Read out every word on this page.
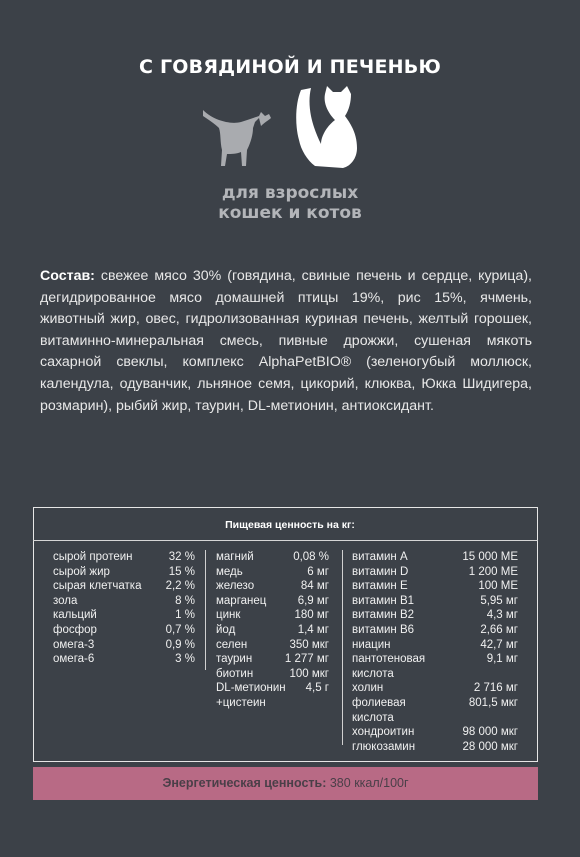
С ГОВЯДИНОЙ И ПЕЧЕНЬЮ
для взрослых
кошек и котов
Состав: свежее мясо 30% (говядина, свиные печень и сердце, курица), дегидрированное мясо домашней птицы 19%, рис 15%, ячмень, животный жир, овес, гидролизованная куриная печень, желтый горошек, витаминно-минеральная смесь, пивные дрожжи, сушеная мякоть сахарной свеклы, комплекс AlphaPetBIO® (зеленогубый моллюск, календула, одуванчик, льняное семя, цикорий, клюква, Юкка Шидигера, розмарин), рыбий жир, таурин, DL-метионин, антиоксидант.
Пищевая ценность на кг:
сырой протеин	32 %
сырой жир	15 %
сырая клетчатка 2,2 %
зола	8 %
кальций	1 %
фосфор	0,7 %
омега-3	0,9 %
омега-6	3 %
магний	0,08 %
медь	6 мг
железо	84 мг
марганец	6,9 мг
цинк	180 мг
йод	1,4 мг
селен	350 мкг
таурин	1 277 мг
биотин	100 мкг
DL-метионин 4,5 г
+цистеин
витамин А	15 000 МЕ
витамин D	1 200 МЕ
витамин Е	100 МЕ
витамин В1	5,95 мг
витамин В2	4,3 мг
витамин В6	2,66 мг
ниацин	42,7 мг
пантотеновая	9,1 мг
кислота
холин	2 716 мг
фолиевая	801,5 мкг
кислота
хондроитин	98 000 мкг
глюкозамин	28 000 мкг
Энергетическая ценность: 380 ккал/100г
